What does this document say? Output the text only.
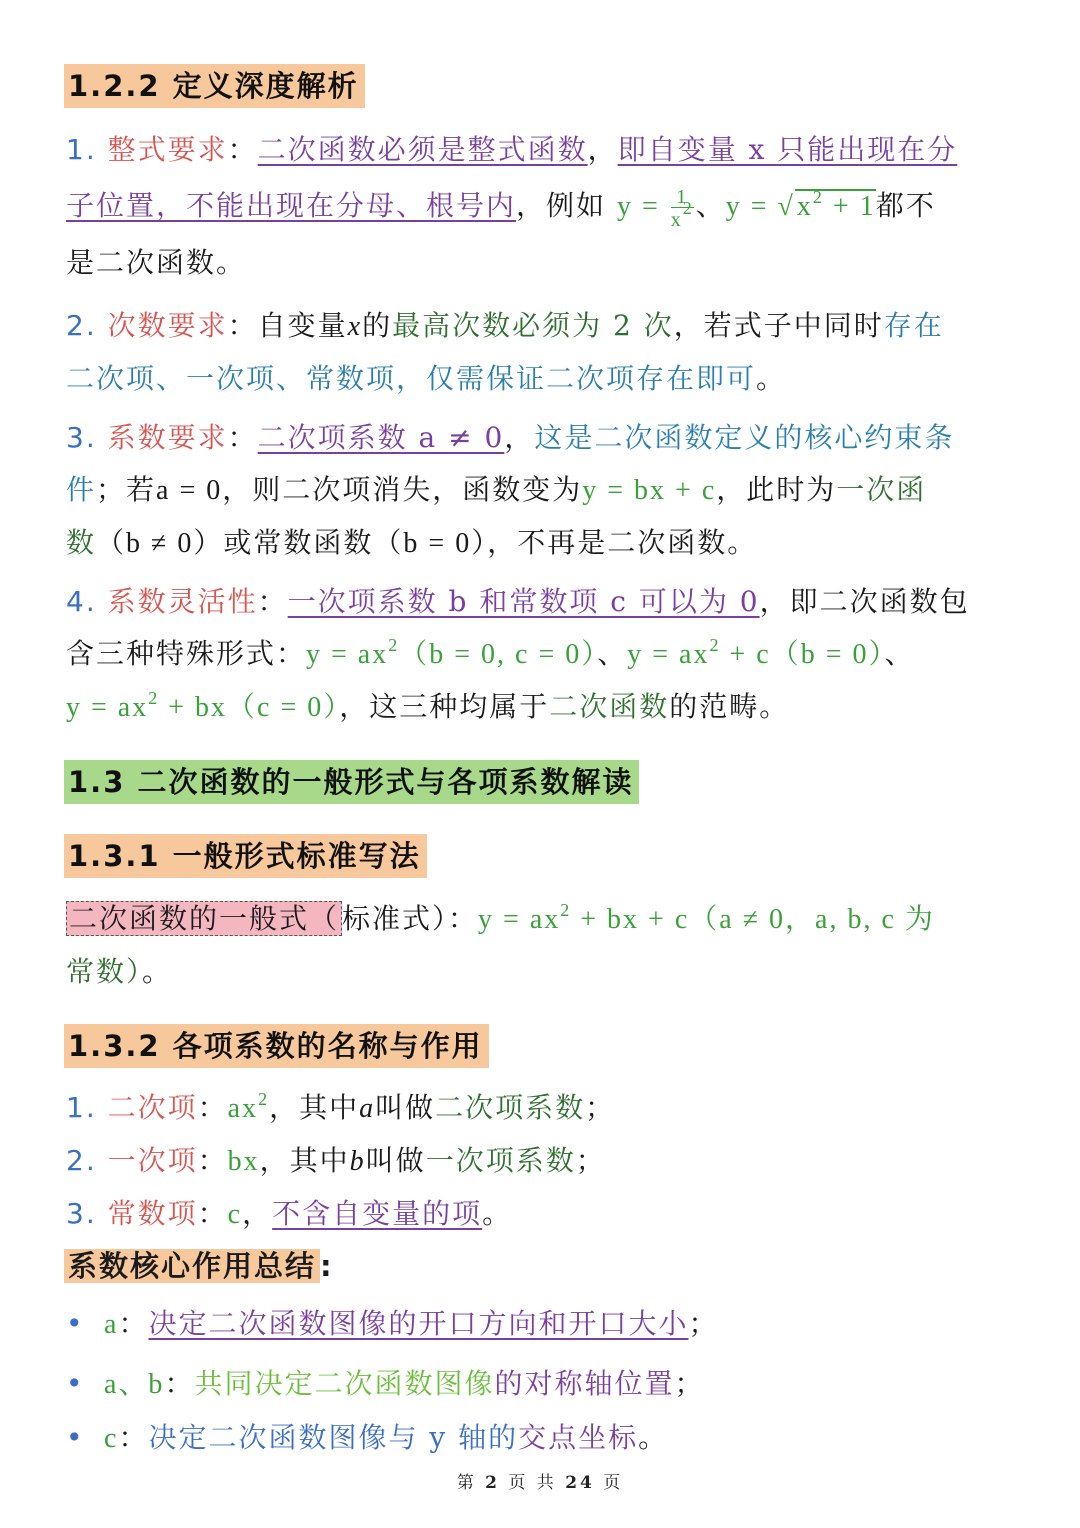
1.2.2 定义深度解析
1. 整式要求：二次函数必须是整式函数，即自变量 x 只能出现在分
子位置，不能出现在分母、根号内，例如 $y = \frac{1}{x^2}$ 、$y = √x^2 + 1$都不
是二次函数。
2. 次数要求：自变量x的最高次数必须为 2 次，若式子中同时存在
二次项、一次项、常数项，仅需保证二次项存在即可。
3. 系数要求：二次项系数 a ≠ 0，这是二次函数定义的核心约束条
件；若a = 0，则二次项消失，函数变为y = bx + c，此时为一次函
数（b ≠ 0）或常数函数（b = 0），不再是二次函数。
4. 系数灵活性：一次项系数 b 和常数项 c 可以为 0，即二次函数包
含三种特殊形式：$y = ax^2(b = 0$, c = 0）、$y = ax^2 + c(b = 0)$、
$y = ax^2 + bx(c = 0)$，这三种均属于二次函数的范畴。
1.3 二次函数的一般形式与各项系数解读
1.3.1 一般形式标准写法
二次函数的一般式（ 标准式）：$y = ax^2$ + bx + c（a ≠ 0，a, b, c 为
常数）。
1.3.2 各项系数的名称与作用
1. 二次项：$ax^2$，其中a叫做二次项系数；
2. 一次项：bx，其中b叫做一次项系数；
3. 常数项：c，不含自变量的项。
系数核心作用总结 :
• a：决定二次函数图像的开口方向和开口大小；
• a、b：共同决定二次函数图像的对称轴位置；
• c：决定二次函数图像与 y 轴的交点坐标。
第 2 页 共 24 页
